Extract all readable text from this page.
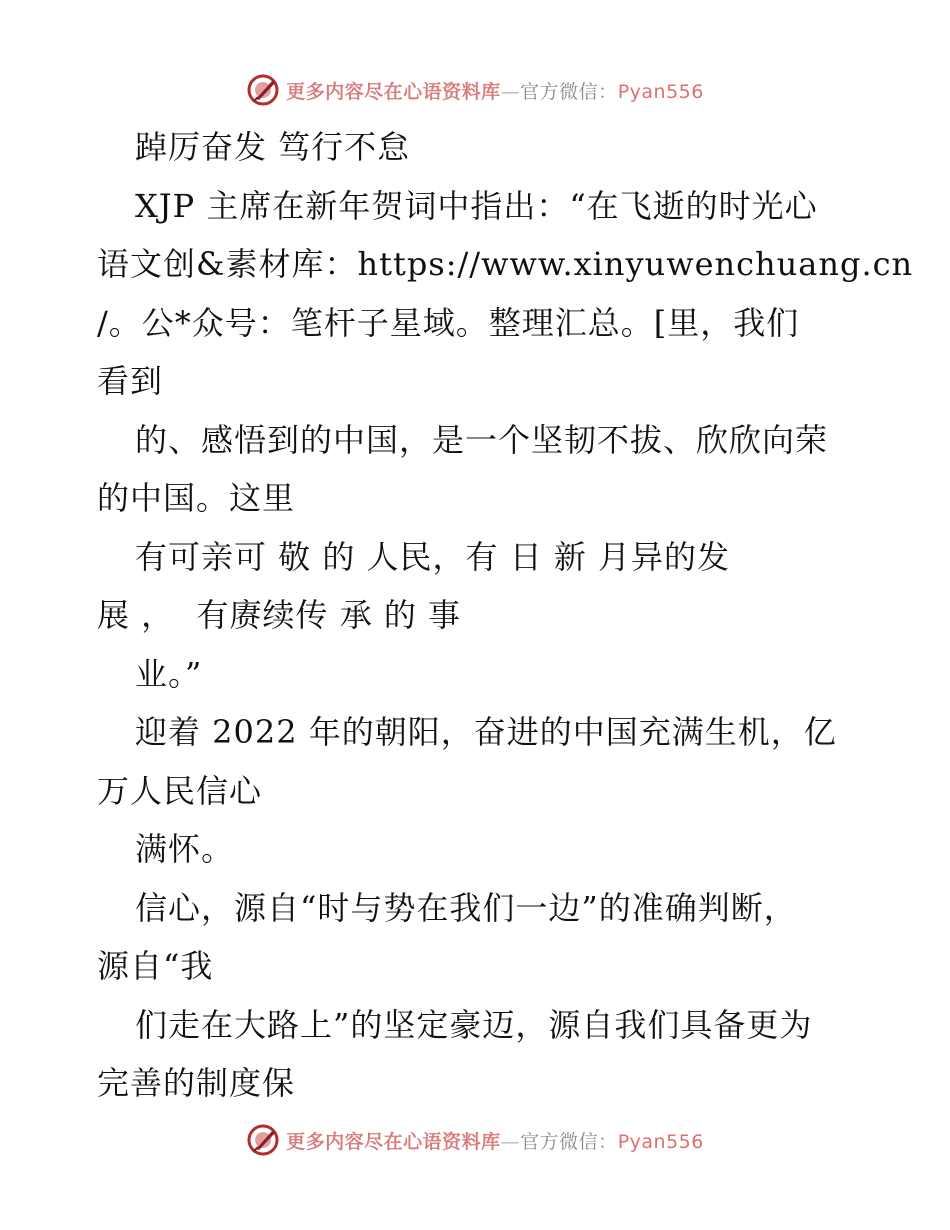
更多内容尽在心语资料库—官方微信：Pyan556
踔厉奋发 笃行不怠
XJP 主席在新年贺词中指出：“在飞逝的时光心
语文创&素材库：https://www.xinyuwenchuang.cn
/。公*众号：笔杆子星域。整理汇总。[里，我们
看到
的、感悟到的中国，是一个坚韧不拔、欣欣向荣
的中国。这里
有可亲可 敬 的 人民，有 日 新 月异的发
展 ，  有赓续传 承 的 事
业。”
迎着 2022 年的朝阳，奋进的中国充满生机，亿
万人民信心
满怀。
信心，源自“时与势在我们一边”的准确判断，
源自“我
们走在大路上”的坚定豪迈，源自我们具备更为
完善的制度保
更多内容尽在心语资料库—官方微信：Pyan556
